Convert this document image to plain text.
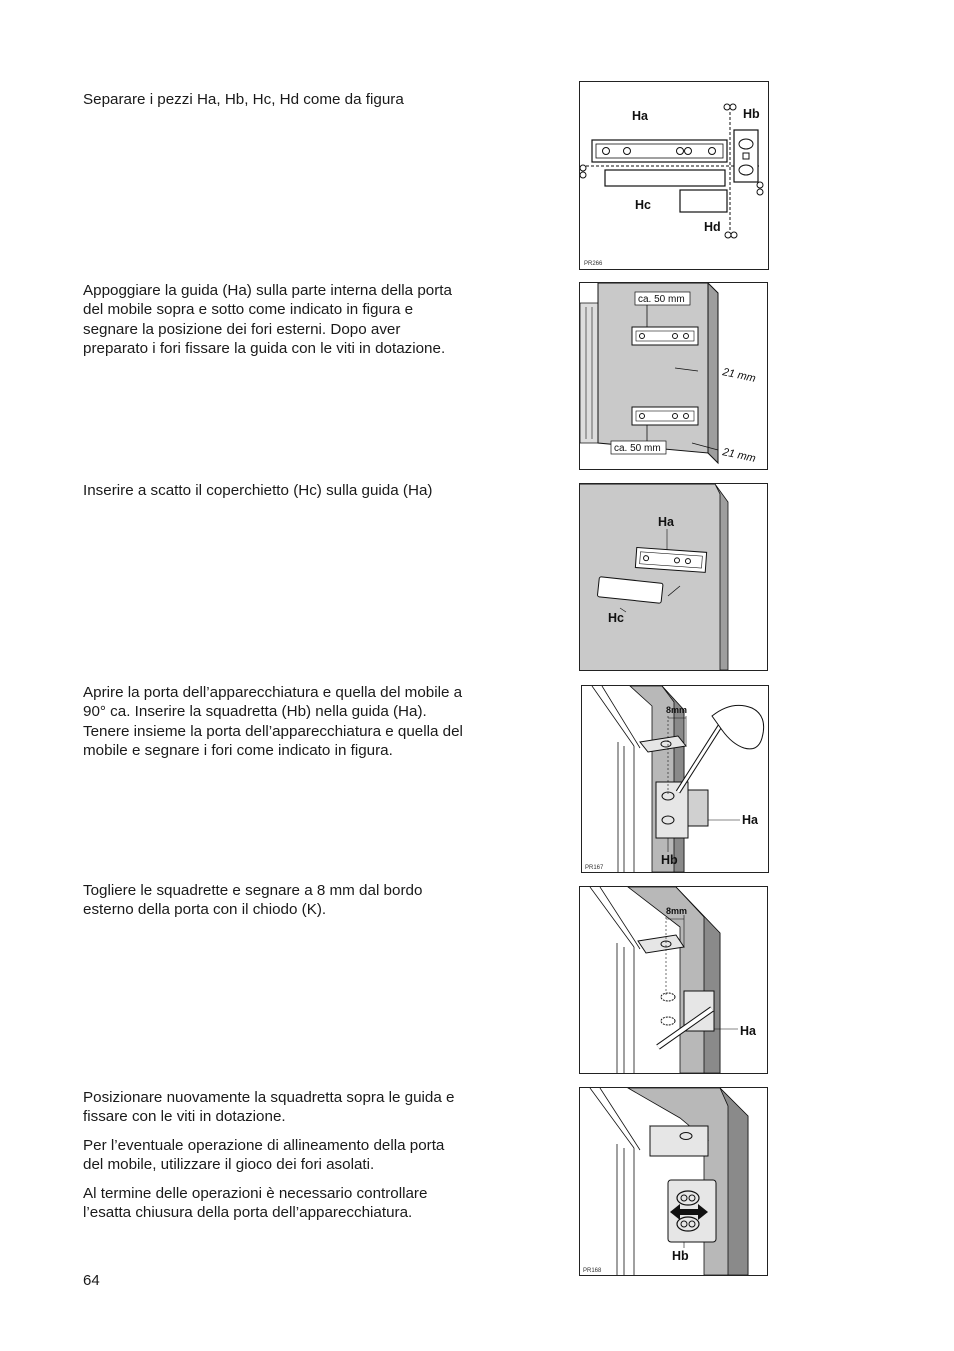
Separare i pezzi Ha, Hb, Hc, Hd come da figura

Appoggiare la guida (Ha) sulla parte interna della porta del mobile sopra e sotto come indicato in figura e segnare la posizione dei fori esterni. Dopo aver preparato i fori fissare la guida con le viti in dotazione.

Inserire a scatto il coperchietto (Hc) sulla guida (Ha)

Aprire la porta dell’apparecchiatura e quella del mobile a 90° ca. Inserire la squadretta (Hb) nella guida (Ha). Tenere insieme la porta dell’apparecchiatura e quella del mobile e segnare i fori come indicato in figura.

Togliere le squadrette e segnare a 8 mm dal bordo esterno della porta con il chiodo (K).

Posizionare nuovamente la squadretta sopra le guida e fissare con le viti in dotazione.

Per l’eventuale operazione di allineamento della porta del mobile, utilizzare il gioco dei fori asolati.

Al termine delle operazioni è necessario controllare l’esatta chiusura della porta dell’apparecchiatura.

64
Ha	Hb
Hc
Hd
PR266
ca. 50 mm
ca. 50 mm
21 mm
21 mm
Ha
Hc
8mm
Ha
Hb
PR167
8mm
Ha
Hb
PR168
